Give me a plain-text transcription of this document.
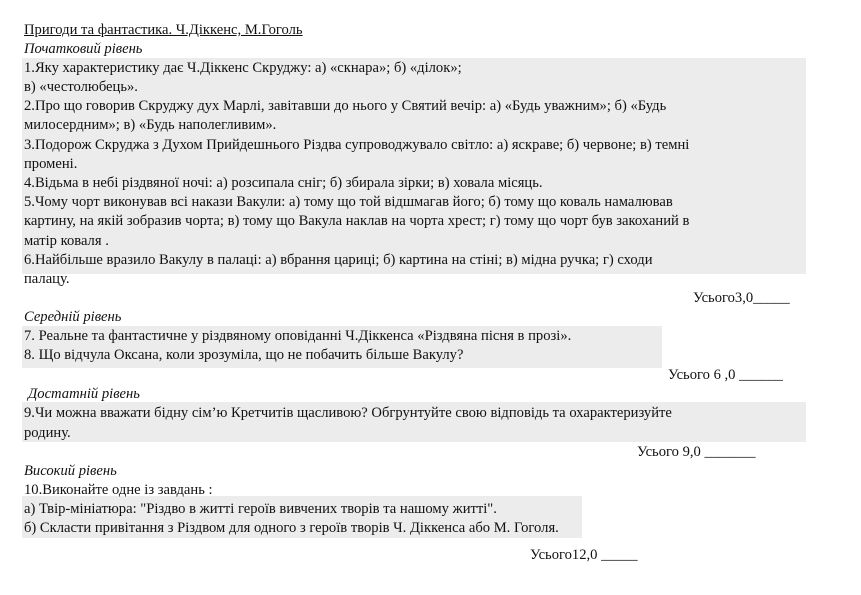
Пригоди та фантастика. Ч.Діккенс, М.Гоголь
Початковий рівень
1.Яку характеристику дає Ч.Діккенс Скруджу: а) «скнара»; б) «ділок»;
в) «честолюбець».
2.Про що говорив Скруджу дух Марлі, завітавши до нього у Святий вечір: а) «Будь уважним»; б) «Будь
милосердним»; в) «Будь наполегливим».
3.Подорож Скруджа з Духом Прийдешнього Різдва супроводжувало світло: а) яскраве; б) червоне; в) темні
промені.
4.Відьма в небі різдвяної ночі: а) розсипала сніг; б) збирала зірки; в) ховала місяць.
5.Чому чорт виконував всі накази Вакули: а) тому що той відшмагав його; б) тому що коваль намалював
картину, на якій зобразив чорта; в) тому що Вакула наклав на чорта хрест; г) тому що чорт був закоханий в
матір коваля .
6.Найбільше вразило Вакулу в палаці: а) вбрання цариці; б) картина на стіні; в) мідна ручка; г) сходи
палацу.
Усього3,0_____
Середній рівень
7. Реальне та фантастичне у різдвяному оповіданні Ч.Діккенса «Різдвяна пісня в прозі».
8. Що відчула Оксана, коли зрозуміла, що не побачить більше Вакулу?
Усього 6 ,0 ______
Достатній рівень
9.Чи можна вважати бідну сім’ю Кретчитів щасливою? Обгрунтуйте свою відповідь та охарактеризуйте
родину.
Усього 9,0 _______
Високий рівень
10.Виконайте одне із завдань :
а) Твір-мініатюра: "Різдво в житті героїв вивчених творів та нашому житті".
б) Скласти привітання з Різдвом для одного з героїв творів Ч. Діккенса або М. Гоголя.
Усього12,0 _____
